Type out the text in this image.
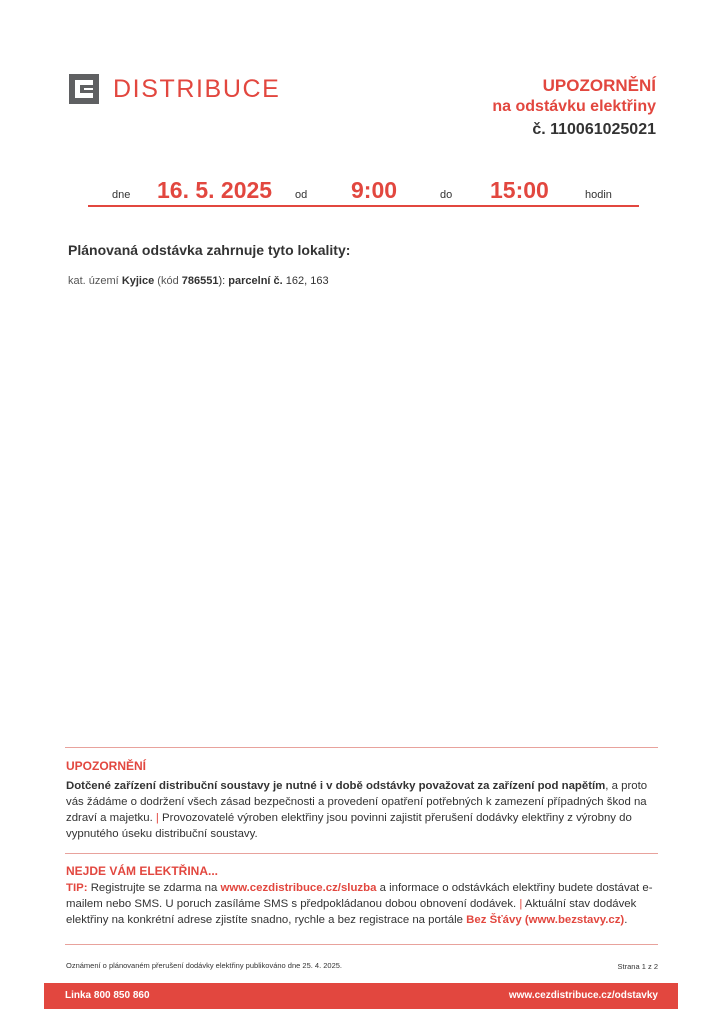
DISTRIBUCE	UPOZORNĚNÍ
na odstávku elektřiny
č. 110061025021
dne 16. 5. 2025 od 9:00	do 15:00	hodin
Plánovaná odstávka zahrnuje tyto lokality:
kat. území Kyjice (kód 786551): parcelní č. 162, 163
UPOZORNĚNÍ
Dotčené zařízení distribuční soustavy je nutné i v době odstávky považovat za zařízení pod napětím, a proto vás žádáme o dodržení všech zásad bezpečnosti a provedení opatření potřebných k zamezení případných škod na zdraví a majetku. | Provozovatelé výroben elektřiny jsou povinni zajistit přerušení dodávky elektřiny z výrobny do vypnutého úseku distribuční soustavy.
NEJDE VÁM ELEKTŘINA...
TIP: Registrujte se zdarma na www.cezdistribuce.cz/sluzba a informace o odstávkách elektřiny budete dostávat e-mailem nebo SMS. U poruch zasíláme SMS s předpokládanou dobou obnovení dodávek. | Aktuální stav dodávek elektřiny na konkrétní adrese zjistíte snadno, rychle a bez registrace na portále Bez Šťávy (www.bezstavy.cz).
Oznámení o plánovaném přerušení dodávky elektřiny publikováno dne 25. 4. 2025.	Strana 1 z 2
Linka 800 850 860	www.cezdistribuce.cz/odstavky
